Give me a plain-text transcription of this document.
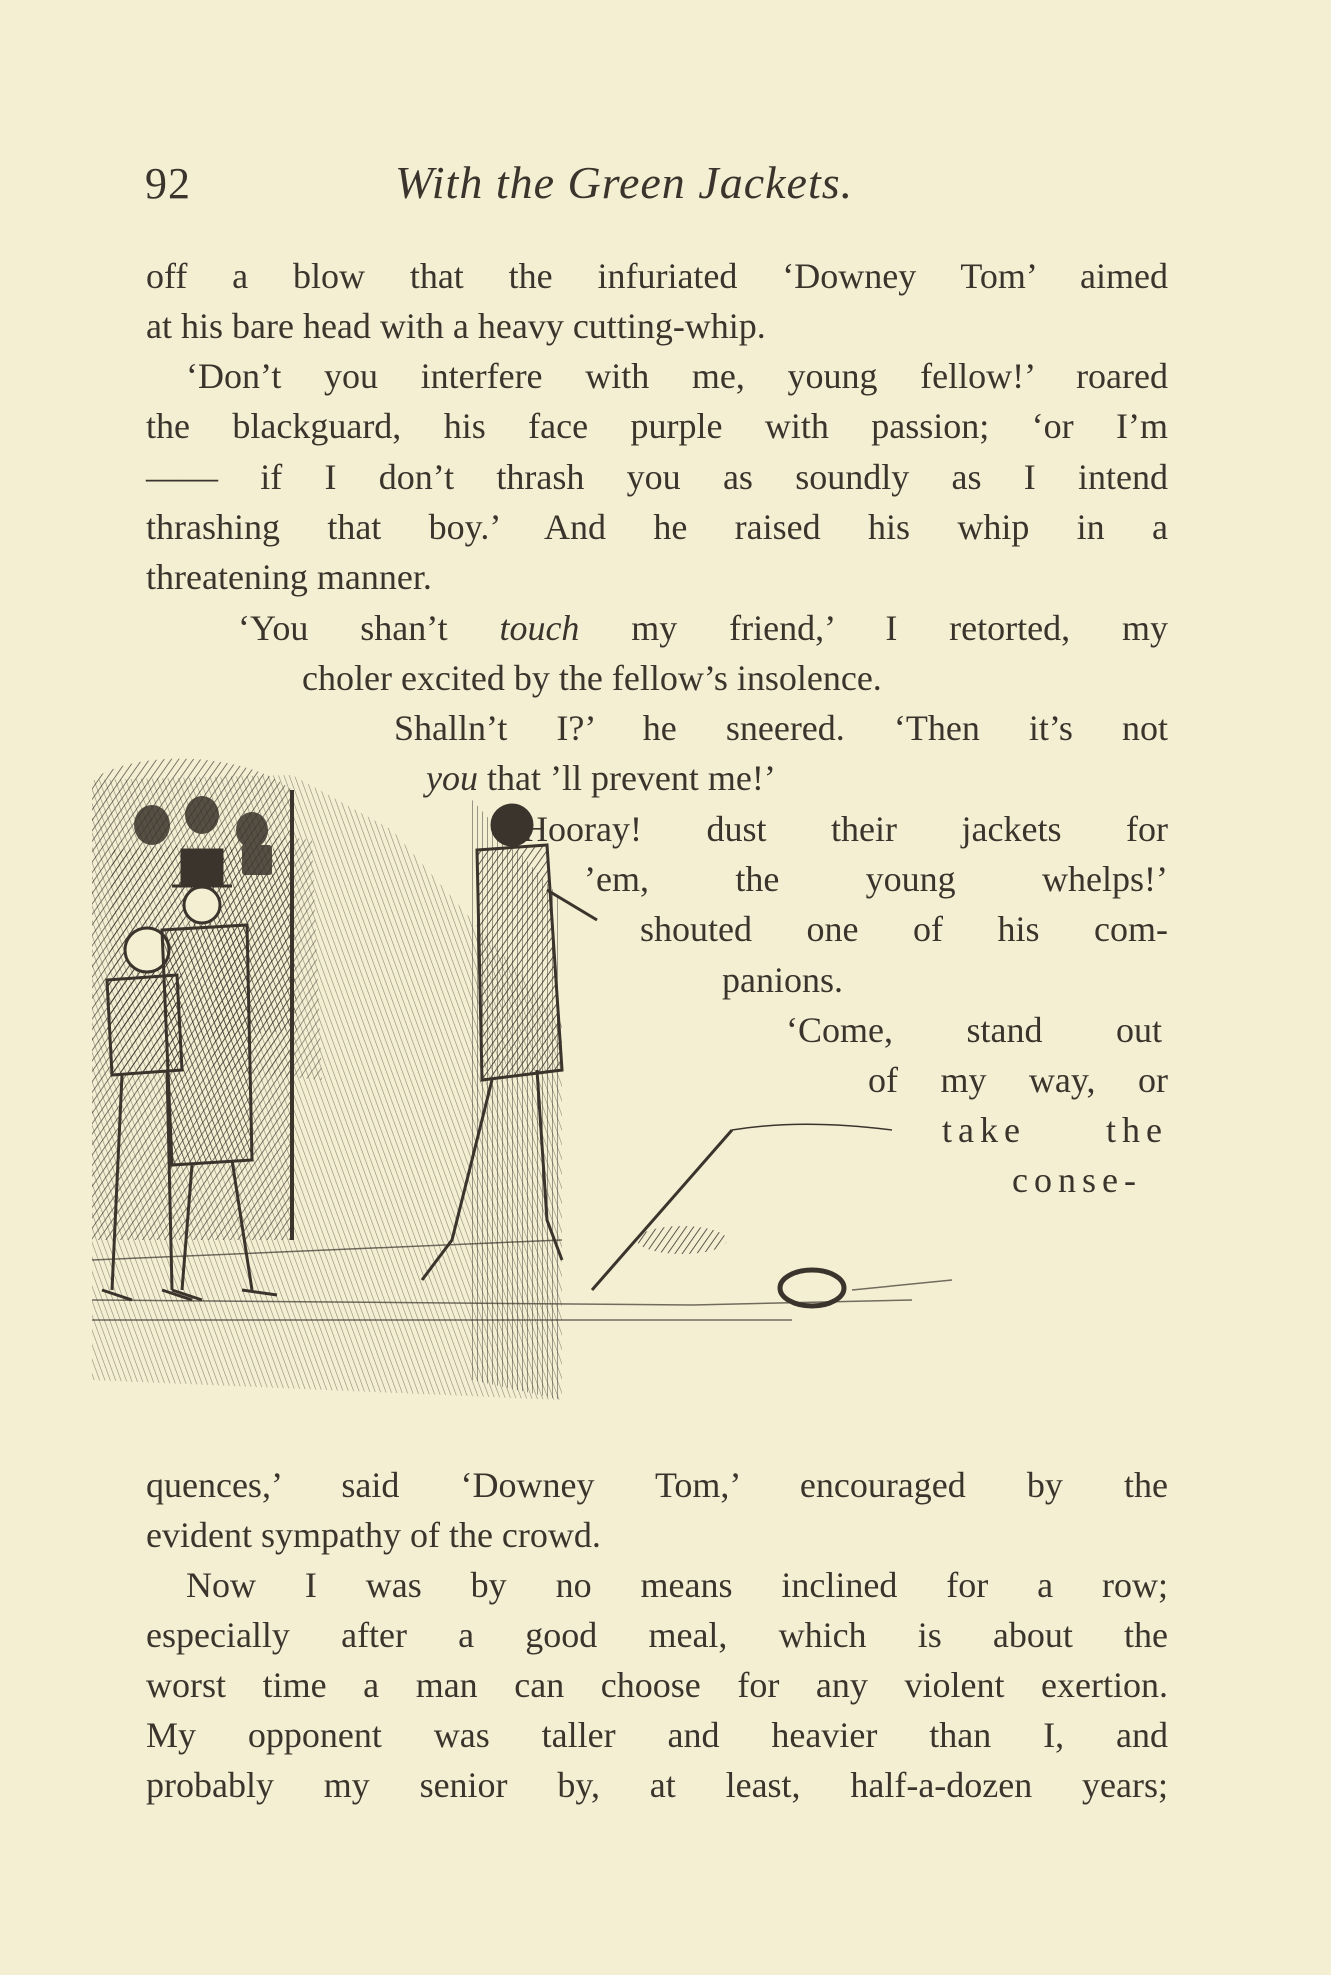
92	With the Green Jackets.
off a blow that the infuriated ‘Downey Tom’ aimed
at his bare head with a heavy cutting-whip.
‘Don’t you interfere with me, young fellow!’ roared
the blackguard, his face purple with passion; ‘or I’m
—— if I don’t thrash you as soundly as I intend
thrashing that boy.’ And he raised his whip in a
threatening manner.
‘You shan’t touch my friend,’ I retorted, my
choler excited by the fellow’s insolence.
Shalln’t I?’ he sneered. ‘Then it’s not
you that ’ll prevent me!’
‘Hooray! dust their jackets for
’em, the young whelps!’
shouted one of his com-
panions.
‘Come, stand out
of my way, or
take the
conse-
quences,’ said ‘Downey Tom,’ encouraged by the
evident sympathy of the crowd.
Now I was by no means inclined for a row;
especially after a good meal, which is about the
worst time a man can choose for any violent exertion.
My opponent was taller and heavier than I, and
probably my senior by, at least, half-a-dozen years;
